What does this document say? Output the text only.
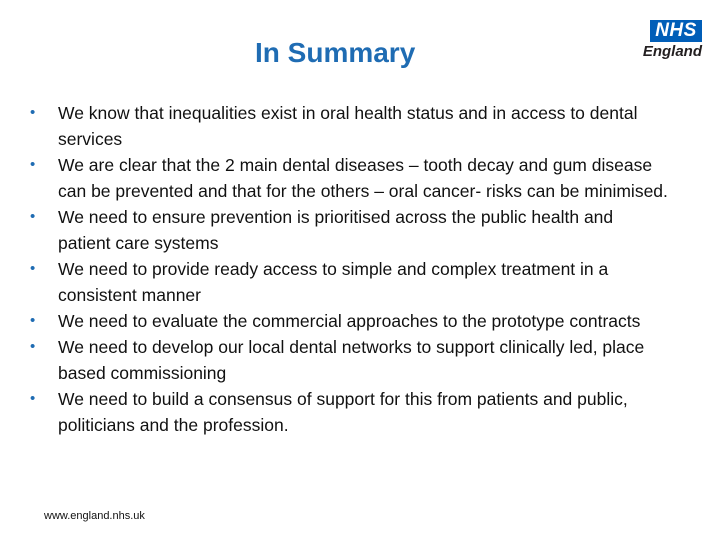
In Summary
NHS
England
•	We know that inequalities exist in oral health status and in access to dental services
•	We are clear that the 2 main dental diseases – tooth decay and gum disease can be prevented and that for the others – oral cancer- risks can be minimised.
•	We need to ensure prevention is prioritised across the public health and patient care systems
•	We need to provide ready access to simple and complex treatment in a consistent manner
•	We need to evaluate the commercial approaches to the prototype contracts
•	We need to develop our local dental networks to support clinically led, place based commissioning
•	We need to build a consensus of support for this from patients and public, politicians and the profession.
www.england.nhs.uk
